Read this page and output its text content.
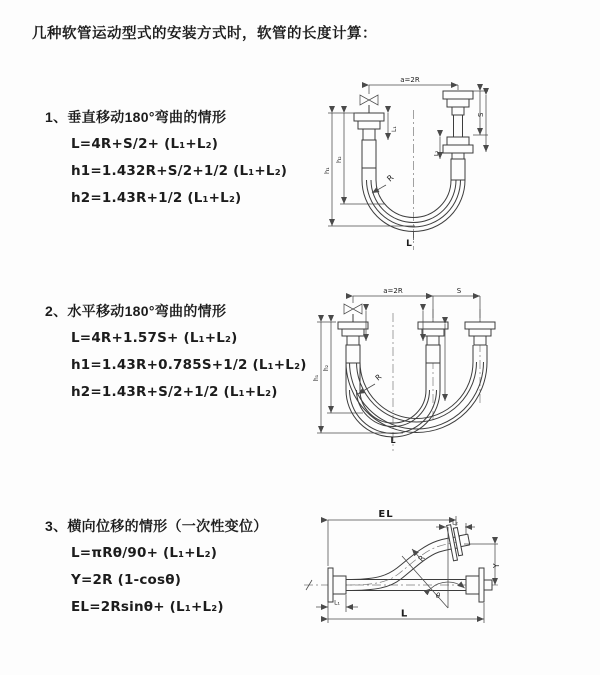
几种软管运动型式的安装方式时，软管的长度计算：
1、垂直移动180°弯曲的情形
L=4R+S/2+ (L₁+L₂)
h1=1.432R+S/2+1/2 (L₁+L₂)
h2=1.43R+1/2 (L₁+L₂)
2、水平移动180°弯曲的情形
L=4R+1.57S+ (L₁+L₂)
h1=1.43R+0.785S+1/2 (L₁+L₂)
h2=1.43R+S/2+1/2 (L₁+L₂)
3、横向位移的情形（一次性变位）
L=πRθ/90+ (L₁+L₂)
Y=2R (1-cosθ)
EL=2Rsinθ+ (L₁+L₂)
a=2R
h₁
h₂
L₁
S
L₂
R
L
a=2R	S
h₁
h₂
R
L
EL
L₂
θ
R
Y
L₁
L
